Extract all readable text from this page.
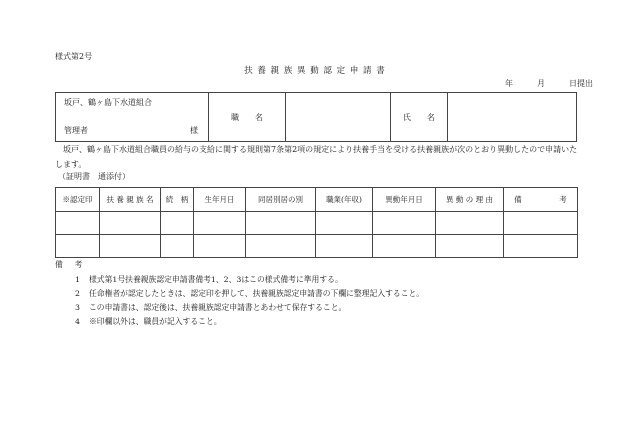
様式第2号
扶 養 親 族 異 動 認 定 申 請 書
年　　　月　　　日提出
坂戸、鶴ヶ島下水道組合
管理者	様
職　　名	氏　　名
坂戸、鶴ヶ島下水道組合職員の給与の支給に関する規則第7条第2項の規定により扶養手当を受ける扶養親族が次のとおり異動したので申請いたします。
（証明書　通添付）
※認定印	扶 養 親 族 名	続　柄	生年月日	同居別居の別	職業(年収)	異動年月日	異 動 の 理 由	備　　　　　考

備　考
1	様式第1号扶養親族認定申請書備考1、2、3はこの様式備考に準用する。
2	任命権者が認定したときは、認定印を押して、扶養親族認定申請書の下欄に整理記入すること。
3	この申請書は、認定後は、扶養親族認定申請書とあわせて保存すること。
4	※印欄以外は、職員が記入すること。
